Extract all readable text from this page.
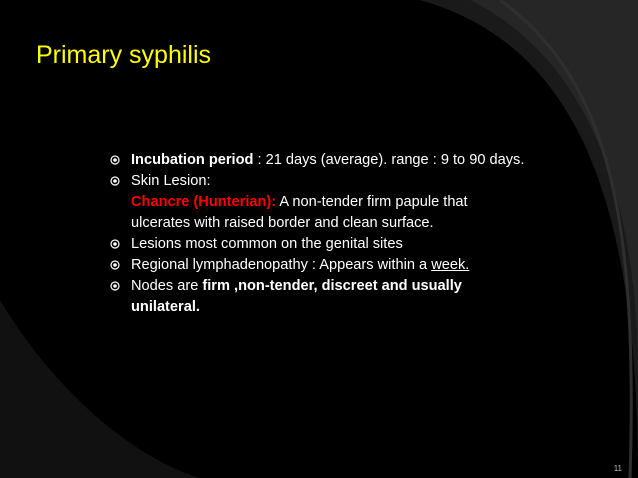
Primary syphilis
Incubation period : 21 days (average). range : 9 to 90 days.
Skin Lesion:
Chancre (Hunterian): A non-tender firm papule that ulcerates with raised border and clean surface.
Lesions most common on the genital sites
Regional lymphadenopathy : Appears within a week.
Nodes are firm ,non-tender, discreet and usually unilateral.
11
